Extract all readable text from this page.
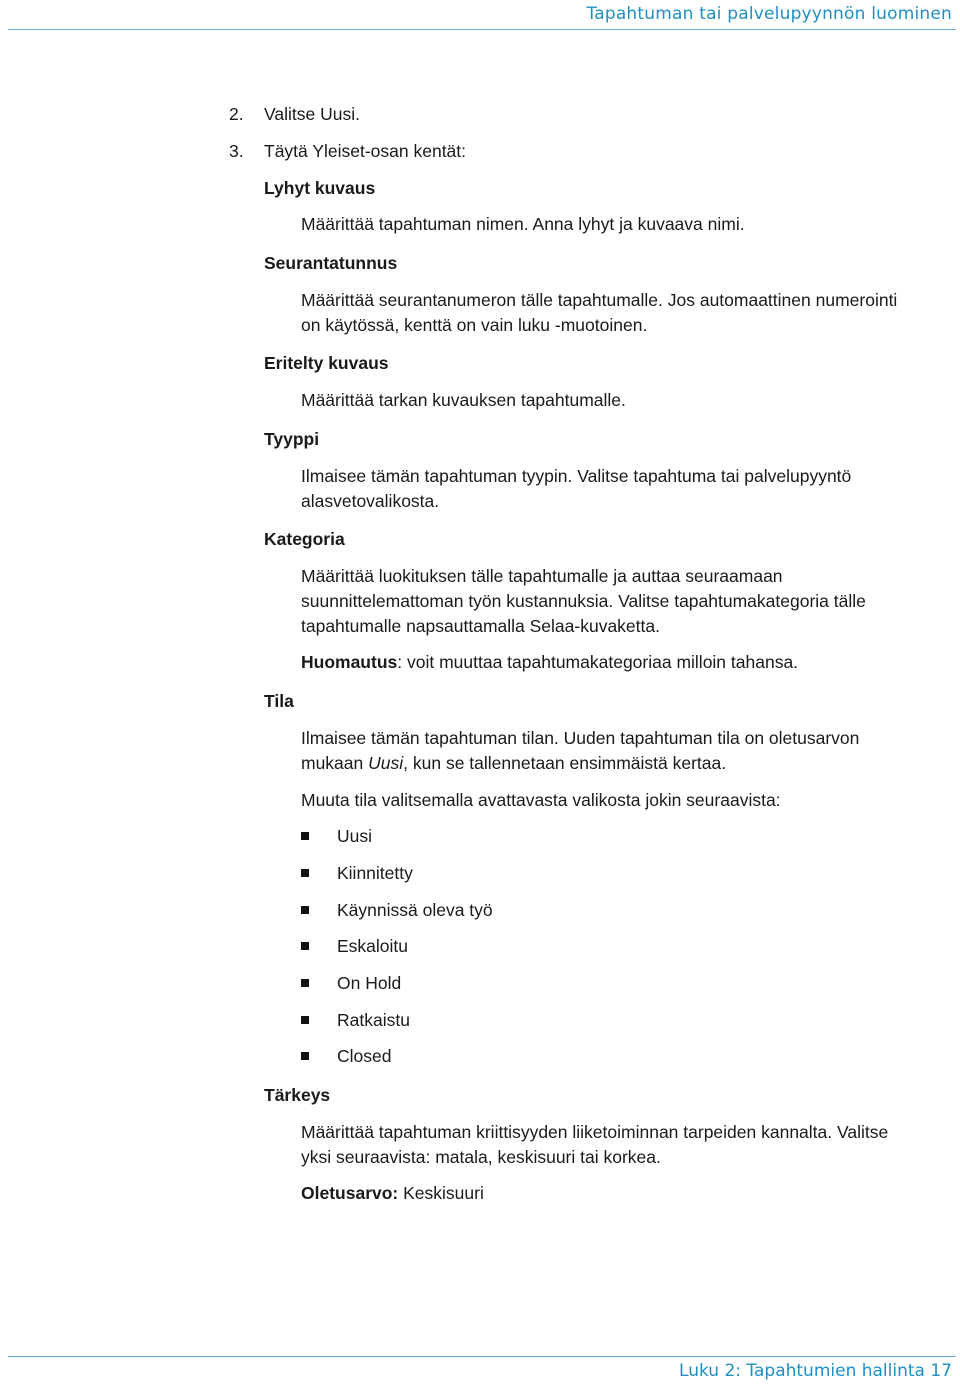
Tapahtuman tai palvelupyynnön luominen
2. Valitse Uusi.
3. Täytä Yleiset-osan kentät:
Lyhyt kuvaus
Määrittää tapahtuman nimen. Anna lyhyt ja kuvaava nimi.
Seurantatunnus
Määrittää seurantanumeron tälle tapahtumalle. Jos automaattinen numerointi
on käytössä, kenttä on vain luku -muotoinen.
Eritelty kuvaus
Määrittää tarkan kuvauksen tapahtumalle.
Tyyppi
Ilmaisee tämän tapahtuman tyypin. Valitse tapahtuma tai palvelupyyntö
alasvetovalikosta.
Kategoria
Määrittää luokituksen tälle tapahtumalle ja auttaa seuraamaan
suunnittelemattoman työn kustannuksia. Valitse tapahtumakategoria tälle
tapahtumalle napsauttamalla Selaa-kuvaketta.
Huomautus: voit muuttaa tapahtumakategoriaa milloin tahansa.
Tila
Ilmaisee tämän tapahtuman tilan. Uuden tapahtuman tila on oletusarvon
mukaan Uusi, kun se tallennetaan ensimmäistä kertaa.
Muuta tila valitsemalla avattavasta valikosta jokin seuraavista:
Uusi
Kiinnitetty
Käynnissä oleva työ
Eskaloitu
On Hold
Ratkaistu
Closed
Tärkeys
Määrittää tapahtuman kriittisyyden liiketoiminnan tarpeiden kannalta. Valitse
yksi seuraavista: matala, keskisuuri tai korkea.
Oletusarvo: Keskisuuri
Luku 2: Tapahtumien hallinta 17
